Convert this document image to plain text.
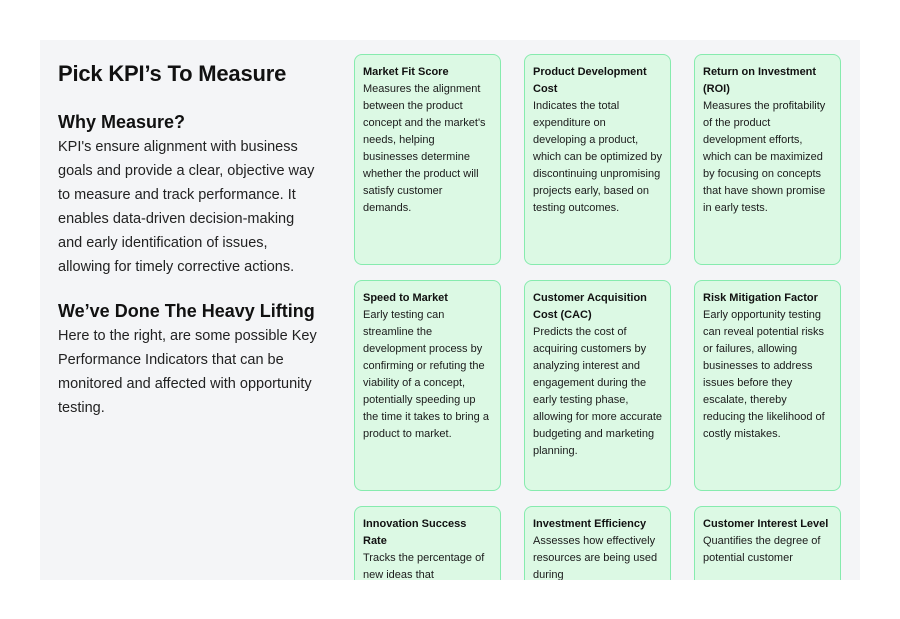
Pick KPI’s To Measure
Why Measure?

KPI's ensure alignment with business goals and provide a clear, objective way to measure and track performance. It enables data-driven decision-making and early identification of issues, allowing for timely corrective actions.

We’ve Done The Heavy Lifting

Here to the right, are some possible Key Performance Indicators that can be monitored and affected with opportunity testing.

Market Fit Score

Measures the alignment between the product concept and the market's needs, helping businesses determine whether the product will satisfy customer demands.

Product Development Cost

Indicates the total expenditure on developing a product, which can be optimized by discontinuing unpromising projects early, based on testing outcomes.

Return on Investment (ROI)

Measures the profitability of the product development efforts, which can be maximized by focusing on concepts that have shown promise in early tests.

Speed to Market

Early testing can streamline the development process by confirming or refuting the viability of a concept, potentially speeding up the time it takes to bring a product to market.

Customer Acquisition Cost (CAC)

Predicts the cost of acquiring customers by analyzing interest and engagement during the early testing phase, allowing for more accurate budgeting and marketing planning.

Risk Mitigation Factor

Early opportunity testing can reveal potential risks or failures, allowing businesses to address issues before they escalate, thereby reducing the likelihood of costly mistakes.

Innovation Success Rate

Tracks the percentage of new ideas that

Investment Efficiency

Assesses how effectively resources are being used during

Customer Interest Level

Quantifies the degree of potential customer
